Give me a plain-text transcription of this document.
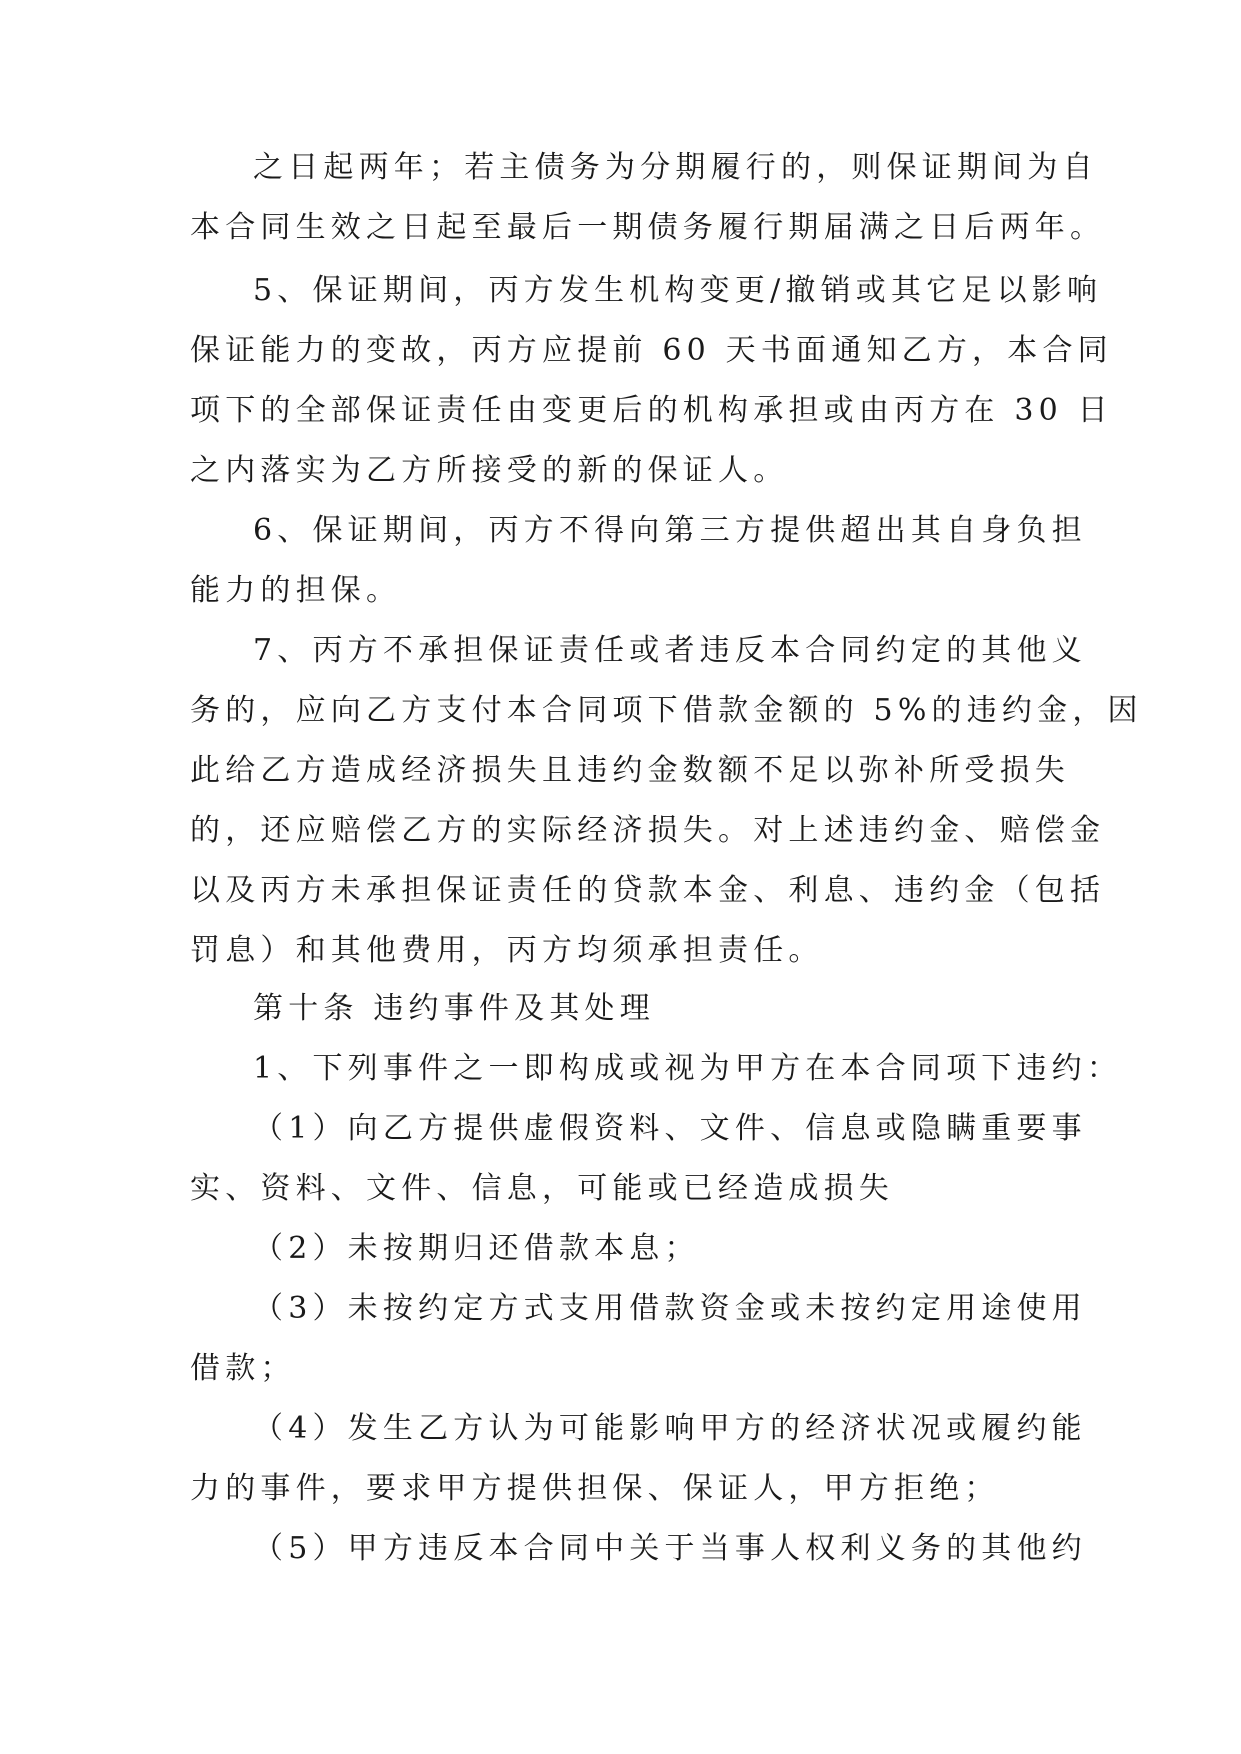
之日起两年；若主债务为分期履行的，则保证期间为自
本合同生效之日起至最后一期债务履行期届满之日后两年。
5、保证期间，丙方发生机构变更/撤销或其它足以影响
保证能力的变故，丙方应提前 60 天书面通知乙方，本合同
项下的全部保证责任由变更后的机构承担或由丙方在 30 日
之内落实为乙方所接受的新的保证人。
6、保证期间，丙方不得向第三方提供超出其自身负担
能力的担保。
7、丙方不承担保证责任或者违反本合同约定的其他义
务的，应向乙方支付本合同项下借款金额的 5%的违约金，因
此给乙方造成经济损失且违约金数额不足以弥补所受损失
的，还应赔偿乙方的实际经济损失。对上述违约金、赔偿金
以及丙方未承担保证责任的贷款本金、利息、违约金（包括
罚息）和其他费用，丙方均须承担责任。
第十条 违约事件及其处理
1、下列事件之一即构成或视为甲方在本合同项下违约：
（1）向乙方提供虚假资料、文件、信息或隐瞒重要事
实、资料、文件、信息，可能或已经造成损失
（2）未按期归还借款本息；
（3）未按约定方式支用借款资金或未按约定用途使用
借款；
（4）发生乙方认为可能影响甲方的经济状况或履约能
力的事件，要求甲方提供担保、保证人，甲方拒绝；
（5）甲方违反本合同中关于当事人权利义务的其他约
